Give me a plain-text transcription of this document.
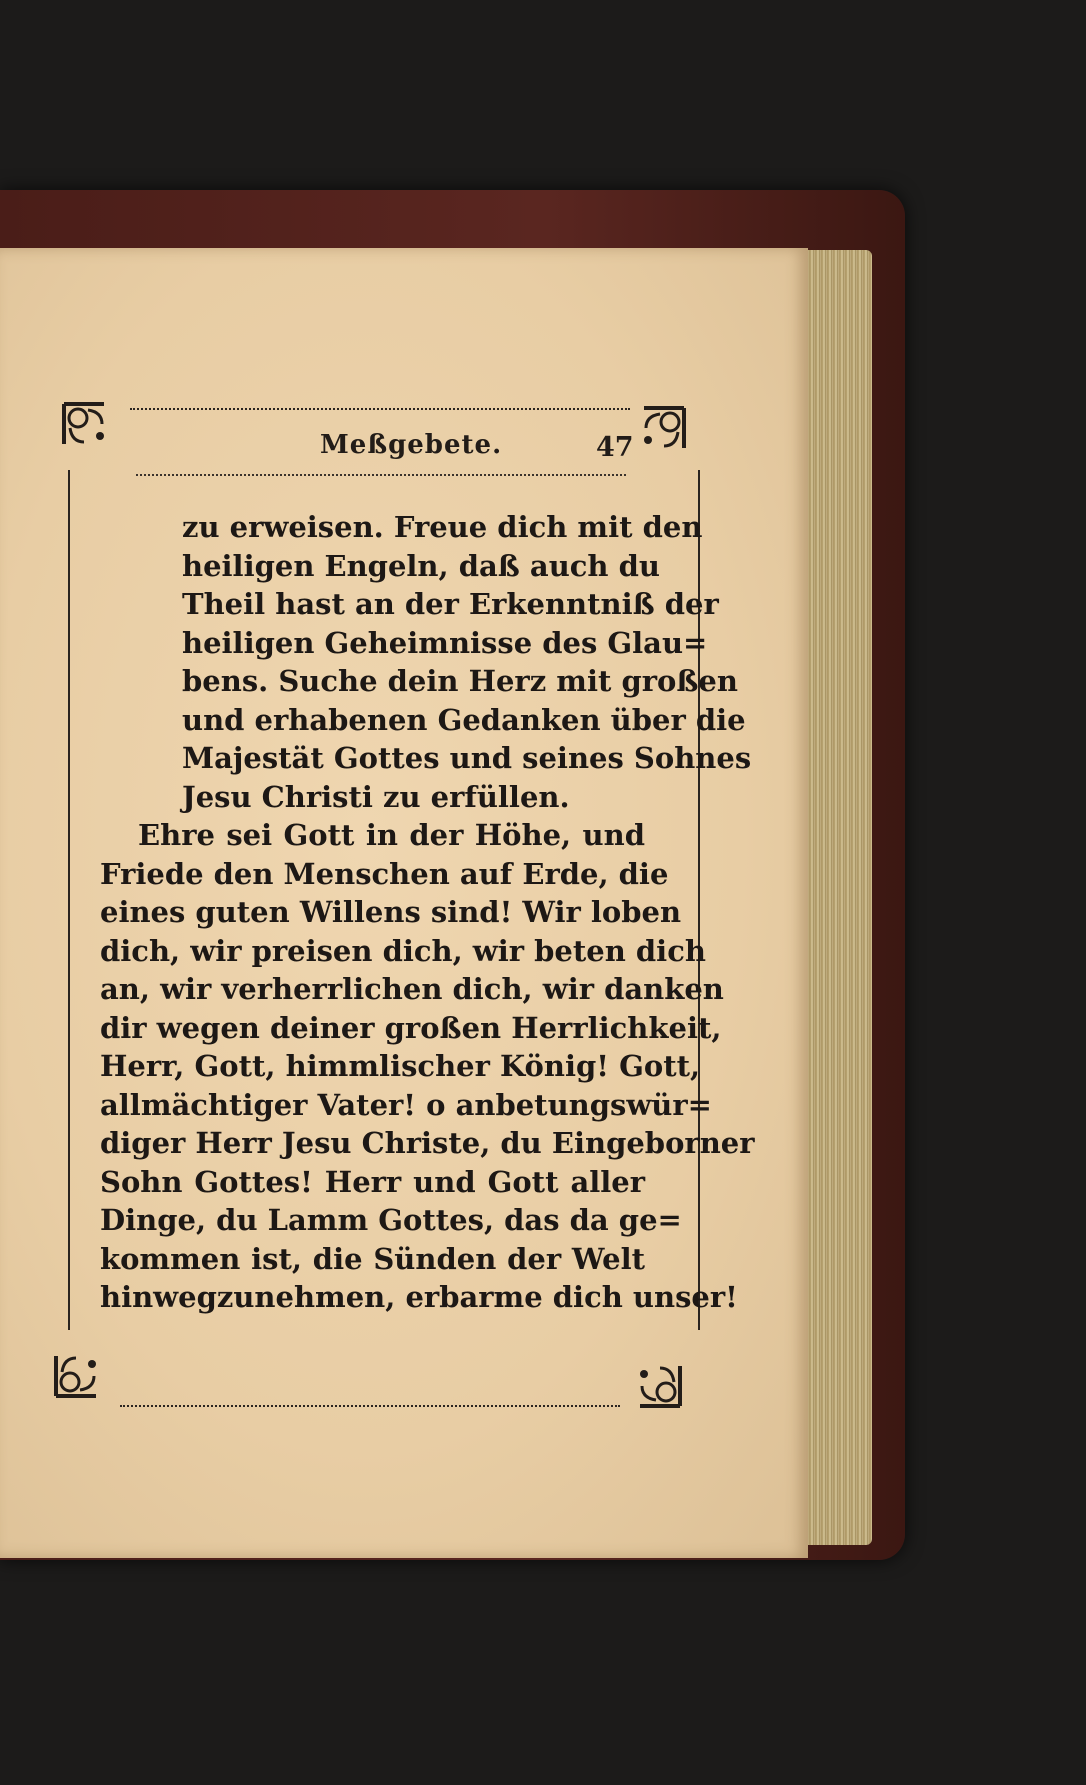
Meßgebete.	47
zu erweisen. Freue dich mit den
heiligen Engeln, daß auch du
Theil hast an der Erkenntniß der
heiligen Geheimnisse des Glau=
bens. Suche dein Herz mit großen
und erhabenen Gedanken über die
Majestät Gottes und seines Sohnes
Jesu Christi zu erfüllen.
Ehre sei Gott in der Höhe, und
Friede den Menschen auf Erde, die
eines guten Willens sind! Wir loben
dich, wir preisen dich, wir beten dich
an, wir verherrlichen dich, wir danken
dir wegen deiner großen Herrlichkeit,
Herr, Gott, himmlischer König! Gott,
allmächtiger Vater! o anbetungswür=
diger Herr Jesu Christe, du Eingeborner
Sohn Gottes! Herr und Gott aller
Dinge, du Lamm Gottes, das da ge=
kommen ist, die Sünden der Welt
hinwegzunehmen, erbarme dich unser!
